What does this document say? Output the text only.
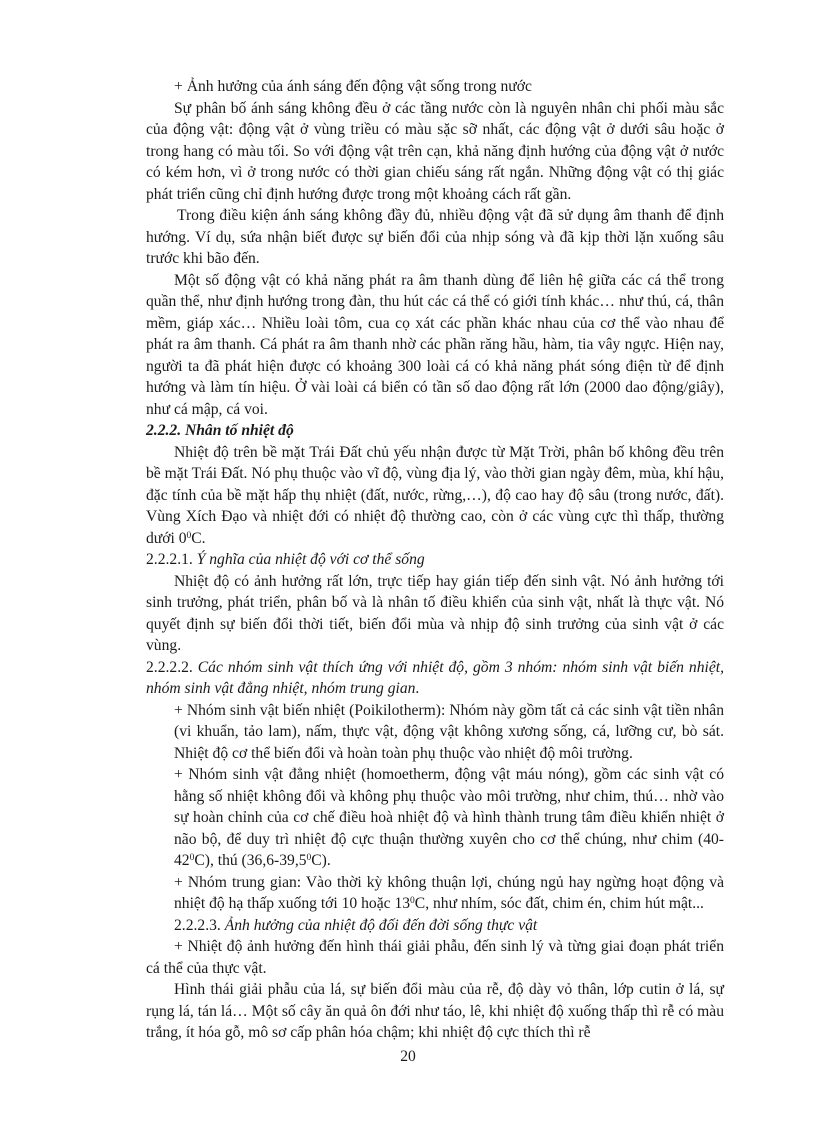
+ Ảnh hưởng của ánh sáng đến động vật sống trong nước

Sự phân bố ánh sáng không đều ở các tầng nước còn là nguyên nhân chi phối màu sắc của động vật: động vật ở vùng triều có màu sặc sỡ nhất, các động vật ở dưới sâu hoặc ở trong hang có màu tối. So với động vật trên cạn, khả năng định hướng của động vật ở nước có kém hơn, vì ở trong nước có thời gian chiếu sáng rất ngắn. Những động vật có thị giác phát triển cũng chỉ định hướng được trong một khoảng cách rất gần.

Trong điều kiện ánh sáng không đầy đủ, nhiều động vật đã sử dụng âm thanh để định hướng. Ví dụ, sứa nhận biết được sự biến đổi của nhịp sóng và đã kịp thời lặn xuống sâu trước khi bão đến.

Một số động vật có khả năng phát ra âm thanh dùng để liên hệ giữa các cá thể trong quần thể, như định hướng trong đàn, thu hút các cá thể có giới tính khác… như thú, cá, thân mềm, giáp xác… Nhiều loài tôm, cua cọ xát các phần khác nhau của cơ thể vào nhau để phát ra âm thanh. Cá phát ra âm thanh nhờ các phần răng hầu, hàm, tia vây ngực. Hiện nay, người ta đã phát hiện được có khoảng 300 loài cá có khả năng phát sóng điện từ để định hướng và làm tín hiệu. Ở vài loài cá biển có tần số dao động rất lớn (2000 dao động/giây), như cá mập, cá voi.

2.2.2. Nhân tố nhiệt độ

Nhiệt độ trên bề mặt Trái Đất chủ yếu nhận được từ Mặt Trời, phân bố không đều trên bề mặt Trái Đất. Nó phụ thuộc vào vĩ độ, vùng địa lý, vào thời gian ngày đêm, mùa, khí hậu, đặc tính của bề mặt hấp thụ nhiệt (đất, nước, rừng,…), độ cao hay độ sâu (trong nước, đất). Vùng Xích Đạo và nhiệt đới có nhiệt độ thường cao, còn ở các vùng cực thì thấp, thường dưới $0^0C$.

2.2.2.1. Ý nghĩa của nhiệt độ với cơ thể sống

Nhiệt độ có ảnh hưởng rất lớn, trực tiếp hay gián tiếp đến sinh vật. Nó ảnh hưởng tới sinh trưởng, phát triển, phân bố và là nhân tố điều khiển của sinh vật, nhất là thực vật. Nó quyết định sự biến đổi thời tiết, biến đổi mùa và nhịp độ sinh trưởng của sinh vật ở các vùng.

2.2.2.2. Các nhóm sinh vật thích ứng với nhiệt độ, gồm 3 nhóm: nhóm sinh vật biến nhiệt, nhóm sinh vật đẳng nhiệt, nhóm trung gian.

+ Nhóm sinh vật biến nhiệt (Poikilotherm): Nhóm này gồm tất cả các sinh vật tiền nhân (vi khuẩn, tảo lam), nấm, thực vật, động vật không xương sống, cá, lưỡng cư, bò sát. Nhiệt độ cơ thể biến đổi và hoàn toàn phụ thuộc vào nhiệt độ môi trường.

+ Nhóm sinh vật đẳng nhiệt (homoetherm, động vật máu nóng), gồm các sinh vật có hằng số nhiệt không đổi và không phụ thuộc vào môi trường, như chim, thú… nhờ vào sự hoàn chỉnh của cơ chế điều hoà nhiệt độ và hình thành trung tâm điều khiển nhiệt ở não bộ, để duy trì nhiệt độ cực thuận thường xuyên cho cơ thể chúng, như chim $(40-42^0C)$, thú (36,6-39,5$^0$C).

+ Nhóm trung gian: Vào thời kỳ không thuận lợi, chúng ngủ hay ngừng hoạt động và nhiệt độ hạ thấp xuống tới 10 hoặc $13^0C$, như nhím, sóc đất, chim én, chim hút mật...

2.2.2.3. Ảnh hưởng của nhiệt độ đối đến đời sống thực vật

+ Nhiệt độ ảnh hưởng đến hình thái giải phẫu, đến sinh lý và từng giai đoạn phát triển cá thể của thực vật.

Hình thái giải phẫu của lá, sự biến đổi màu của rễ, độ dày vỏ thân, lớp cutin ở lá, sự rụng lá, tán lá… Một số cây ăn quả ôn đới như táo, lê, khi nhiệt độ xuống thấp thì rễ có màu trắng, ít hóa gỗ, mô sơ cấp phân hóa chậm; khi nhiệt độ cực thích thì rễ

20
